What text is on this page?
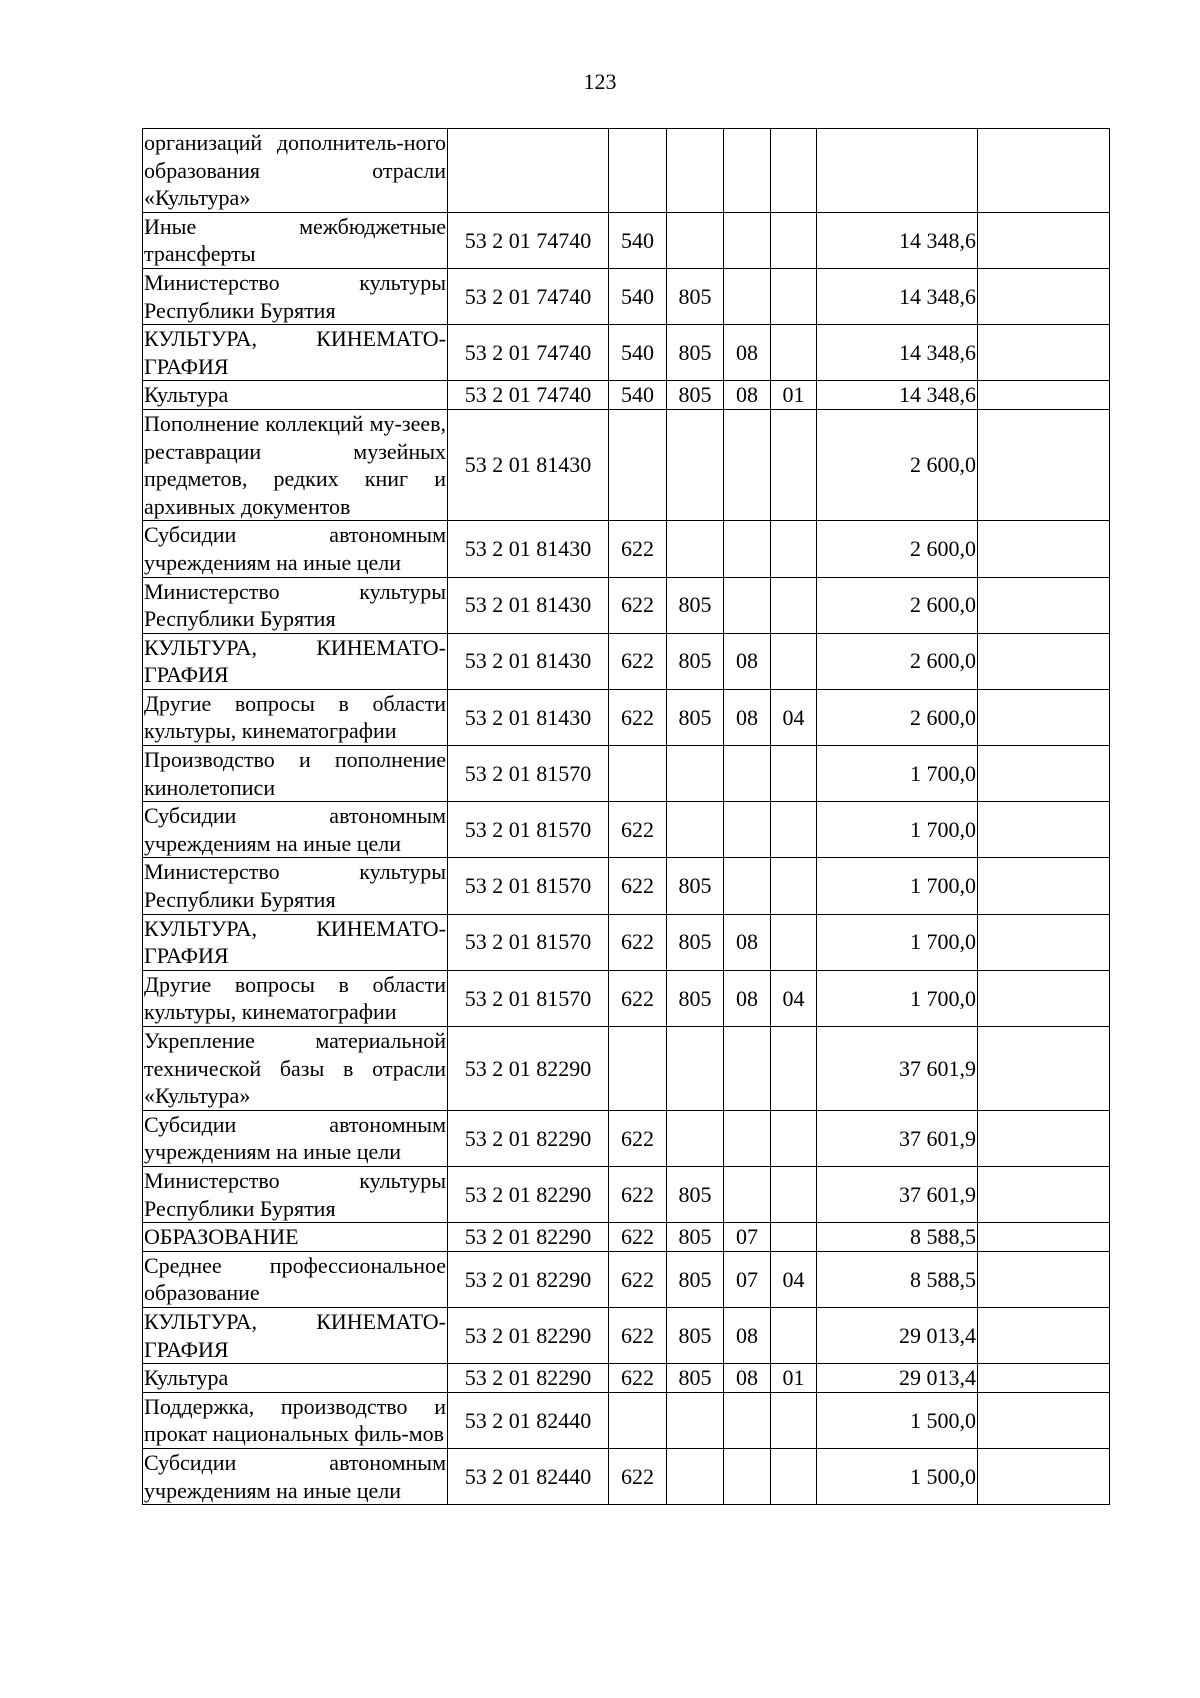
123
организаций дополнитель-ного образования отрасли «Культура»							
Иные межбюджетные трансферты	53 2 01 74740	540				14 348,6	
Министерство культуры Республики Бурятия	53 2 01 74740	540	805			14 348,6	
КУЛЬТУРА, КИНЕМАТО-ГРАФИЯ	53 2 01 74740	540	805	08		14 348,6	
Культура	53 2 01 74740	540	805	08	01	14 348,6	
Пополнение коллекций му-зеев, реставрации музейных предметов, редких книг и архивных документов	53 2 01 81430					2 600,0	
Субсидии автономным учреждениям на иные цели	53 2 01 81430	622				2 600,0	
Министерство культуры Республики Бурятия	53 2 01 81430	622	805			2 600,0	
КУЛЬТУРА, КИНЕМАТО-ГРАФИЯ	53 2 01 81430	622	805	08		2 600,0	
Другие вопросы в области культуры, кинематографии	53 2 01 81430	622	805	08	04	2 600,0	
Производство и пополнение кинолетописи	53 2 01 81570					1 700,0	
Субсидии автономным учреждениям на иные цели	53 2 01 81570	622				1 700,0	
Министерство культуры Республики Бурятия	53 2 01 81570	622	805			1 700,0	
КУЛЬТУРА, КИНЕМАТО-ГРАФИЯ	53 2 01 81570	622	805	08		1 700,0	
Другие вопросы в области культуры, кинематографии	53 2 01 81570	622	805	08	04	1 700,0	
Укрепление материальной технической базы в отрасли «Культура»	53 2 01 82290					37 601,9	
Субсидии автономным учреждениям на иные цели	53 2 01 82290	622				37 601,9	
Министерство культуры Республики Бурятия	53 2 01 82290	622	805			37 601,9	
ОБРАЗОВАНИЕ	53 2 01 82290	622	805	07		8 588,5	
Среднее профессиональное образование	53 2 01 82290	622	805	07	04	8 588,5	
КУЛЬТУРА, КИНЕМАТО-ГРАФИЯ	53 2 01 82290	622	805	08		29 013,4	
Культура	53 2 01 82290	622	805	08	01	29 013,4	
Поддержка, производство и прокат национальных филь-мов	53 2 01 82440					1 500,0	
Субсидии автономным учреждениям на иные цели	53 2 01 82440	622				1 500,0	
